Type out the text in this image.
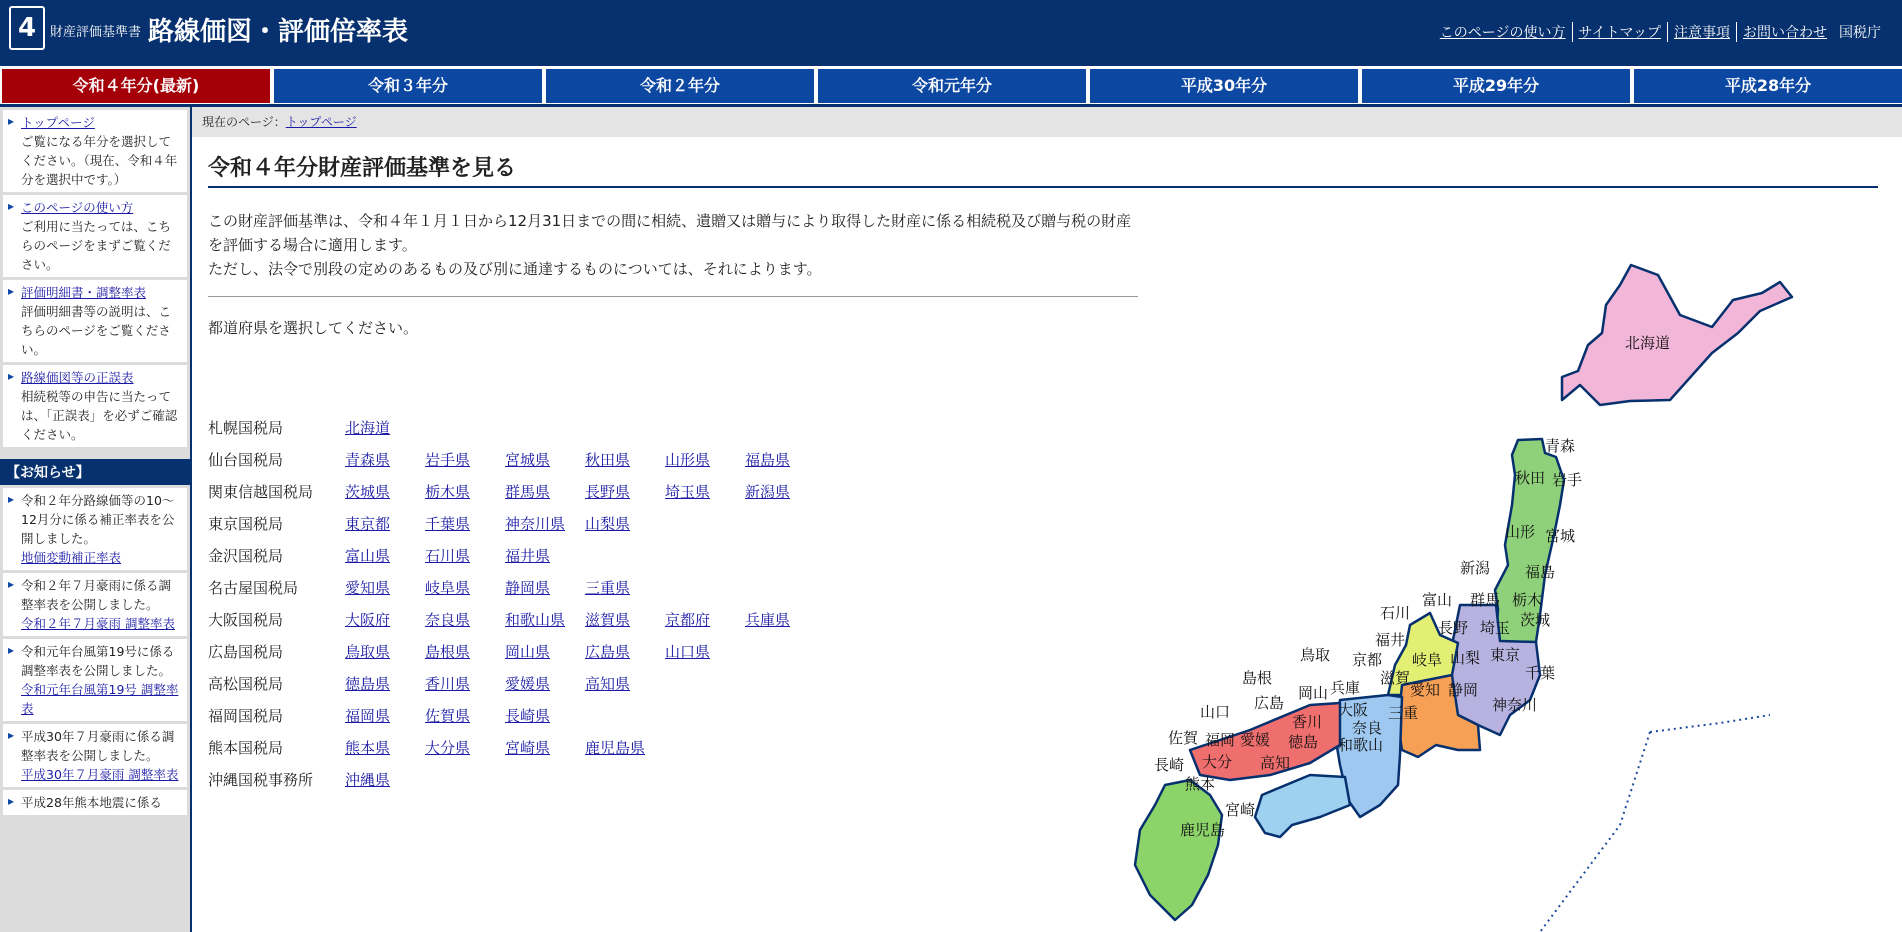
4	財産評価基準書 路線価図・評価倍率表	このページの使い方 サイトマップ 注意事項 お問い合わせ 国税庁
令和４年分(最新)	令和３年分	令和２年分	令和元年分	平成30年分	平成29年分	平成28年分
▸ トップページ
ご覧になる年分を選択してください。（現在、令和４年分を選択中です。）
▸ このページの使い方
ご利用に当たっては、こちらのページをまずご覧ください。
▸ 評価明細書・調整率表
評価明細書等の説明は、こちらのページをご覧ください。
▸ 路線価図等の正誤表
相続税等の申告に当たっては、「正誤表」を必ずご確認ください。
【お知らせ】
▸ 令和２年分路線価等の10～12月分に係る補正率表を公開しました。
地価変動補正率表
▸ 令和２年７月豪雨に係る調整率表を公開しました。
令和２年７月豪雨 調整率表
▸ 令和元年台風第19号に係る調整率表を公開しました。
令和元年台風第19号 調整率表
▸ 平成30年７月豪雨に係る調整率表を公開しました。
平成30年７月豪雨 調整率表
▸ 平成28年熊本地震に係る
現在のページ：トップページ
令和４年分財産評価基準を見る
この財産評価基準は、令和４年１月１日から12月31日までの間に相続、遺贈又は贈与により取得した財産に係る相続税及び贈与税の財産を評価する場合に適用します。
ただし、法令で別段の定めのあるもの及び別に通達するものについては、それによります。
都道府県を選択してください。
札幌国税局	北海道
仙台国税局	青森県	岩手県	宮城県	秋田県	山形県	福島県
関東信越国税局	茨城県	栃木県	群馬県	長野県	埼玉県	新潟県
東京国税局	東京都	千葉県	神奈川県	山梨県
金沢国税局	富山県	石川県	福井県
名古屋国税局	愛知県	岐阜県	静岡県	三重県
大阪国税局	大阪府	奈良県	和歌山県	滋賀県	京都府	兵庫県
広島国税局	鳥取県	島根県	岡山県	広島県	山口県
高松国税局	徳島県	香川県	愛媛県	高知県
福岡国税局	福岡県	佐賀県	長崎県
熊本国税局	熊本県	大分県	宮崎県	鹿児島県
沖縄国税事務所	沖縄県
北海道
青森
秋田 岩手
山形 宮城
新潟 福島
石川
富山 群馬 栃木
福井
長野 埼玉 茨城
岐阜 山梨 東京
千葉
鳥取
島根
京都
兵庫
滋賀
愛知 静岡
岡山
広島
山口	大阪 三重	神奈川
香川
佐賀 福岡
奈良
愛媛 徳島 和歌山
長崎	高知
大分
熊本
宮崎
鹿児島
